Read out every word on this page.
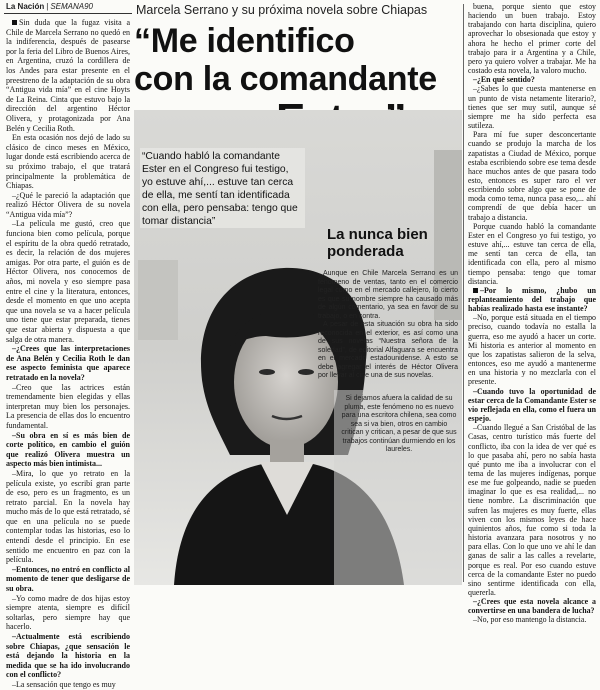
La Nación | SEMANA90

Sin duda que la fugaz visita a Chile de Marcela Serrano no quedó en la indiferencia, después de pasearse por la feria del Libro de Buenos Aires, en Argentina, cruzó la cordillera de los Andes para estar presente en el preestreno de la adaptación de su obra “Antigua vida mía” en el cine Hoyts de La Reina. Cinta que estuvo bajo la dirección del argentino Héctor Olivera, y protagonizada por Ana Belén y Cecilia Roth.

En esta ocasión nos dejó de lado su clásico de cinco meses en México, lugar donde está escribiendo acerca de su próximo trabajo, el que tratará principalmente la problemática de Chiapas.

–¿Qué le pareció la adaptación que realizó Héctor Olivera de su novela “Antigua vida mía”?

–La película me gustó, creo que funciona bien como película, porque el espíritu de la obra quedó retratado, es decir, la relación de dos mujeres amigas. Por otra parte, el guión es de Héctor Olivera, nos conocemos de años, mi novela y eso siempre pasa entre el cine y la literatura, entonces, desde el momento en que uno acepta que una novela se va a hacer película uno tiene que estar preparada, tienes que estar abierta y dispuesta a que salga de otra manera.

–¿Crees que las interpretaciones de Ana Belén y Cecilia Roth le dan ese aspecto feminista que aparece retratado en la novela?

–Creo que las actrices están tremendamente bien elegidas y ellas interpretan muy bien los personajes. La presencia de ellas dos lo encuentro fundamental.

–Su obra en sí es más bien de corte político, en cambio el guión que realizó Olivera muestra un aspecto más bien intimista...

–Mira, lo que yo retrato en la película existe, yo escribí gran parte de eso, pero es un fragmento, es un retrato parcial. En la novela hay mucho más de lo que está retratado, sé que en una película no se puede contemplar todas las historias, eso lo entendí desde el principio. En ese sentido me encuentro en paz con la película.

–Entonces, no entró en conflicto al momento de tener que desligarse de su obra.

–Yo como madre de dos hijas estoy siempre atenta, siempre es difícil soltarlas, pero siempre hay que hacerlo.

–Actualmente está escribiendo sobre Chiapas, ¿que sensación le está dejando la historia en la medida que se ha ido involucrando con el conflicto?

–La sensación que tengo es muy

Marcela Serrano y su próxima novela sobre Chiapas
“Me identifico
con la comandante
“Cuando habló la comandante Ester en el Congreso fui testigo, yo estuve ahí,... estuve tan cerca de ella, me sentí tan identificada con ella, pero pensaba: tengo que tomar distancia”
La nunca bien ponderada

Aunque en Chile Marcela Serrano es un fenómeno de ventas, tanto en el comercio legal como en el mercado callejero, lo cierto es que su nombre siempre ha causado más de algún comentario, ya sea en favor de su trabajo, o en contra.

A pesar de esta situación su obra ha sido reconocida en el exterior, es así como una de sus novelas “Nuestra señora de la soledad”, de editorial Alfaguara se encuentra en el mercado estadounidense. A esto se debe agregar el interés de Héctor Olivera por llevar al cine una de sus novelas.

Si dejamos afuera la calidad de su pluma, este fenómeno no es nuevo para una escritora chilena, sea como sea si va bien, otros en cambio critican y critican, a pesar de que sus trabajos continúan durmiendo en los laureles.

buena, porque siento que estoy haciendo un buen trabajo. Estoy trabajando con harta disciplina, quiero aprovechar lo obsesionada que estoy y ahora he hecho el primer corte del trabajo para ir a Argentina y a Chile, pero ya quiero volver a trabajar. Me ha costado esta novela, la valoro mucho.

–¿En qué sentido?

–¿Sabes lo que cuesta mantenerse en un punto de vista netamente literario?, tienes que ser muy sutil, aunque sé siempre me ha sido perfecta esa sutileza.

Para mí fue super desconcertante cuando se produjo la marcha de los zapatistas a Ciudad de México, porque estaba escribiendo sobre ese tema desde hace muchos antes de que pasara todo esto, entonces es super raro el ver escribiendo sobre algo que se pone de moda como tema, nunca pasa eso,... ahí comprendí de que debía hacer un trabajo a distancia.

Porque cuando habló la comandante Ester en el Congreso yo fui testigo, yo estuve ahí,... estuve tan cerca de ella, me sentí tan cerca de ella, tan identificada con ella, pero al mismo tiempo pensaba: tengo que tomar distancia.

–Por lo mismo, ¿hubo un replanteamiento del trabajo que habías realizado hasta ese instante?

–No, porque está situada en el tiempo preciso, cuando todavía no estalla la guerra, eso me ayudó a hacer un corte. Mi historia es anterior al momento en que los zapatistas salieron de la selva, entonces, eso me ayudó a mantenerme en una historia y no mezclarla con el presente.

–Cuando tuvo la oportunidad de estar cerca de la Comandante Ester se vio reflejada en ella, como el fuera un espejo.

–Cuando llegué a San Cristóbal de las Casas, centro turístico más fuerte del conflicto, iba con la idea de ver qué es lo que pasaba ahí, pero no sabía hasta qué punto me iba a involucrar con el tema de las mujeres indígenas, porque ese me fue golpeando, nadie se pueden imaginar lo que es esa realidad,... no tiene nombre. La discriminación que sufren las mujeres es muy fuerte, ellas viven con los mismos leyes de hace quinientos años, fue como si toda la historia avanzara para nosotros y no para ellas. Con lo que uno ve ahí le dan ganas de salir a las calles a revelarte, porque es real. Por eso cuando estuve cerca de la comandante Ester no puedo sino sentirme identificada con ella, quererla.

–¿Crees que esta novela alcance a convertirse en una bandera de lucha?

–No, por eso mantengo la distancia.
